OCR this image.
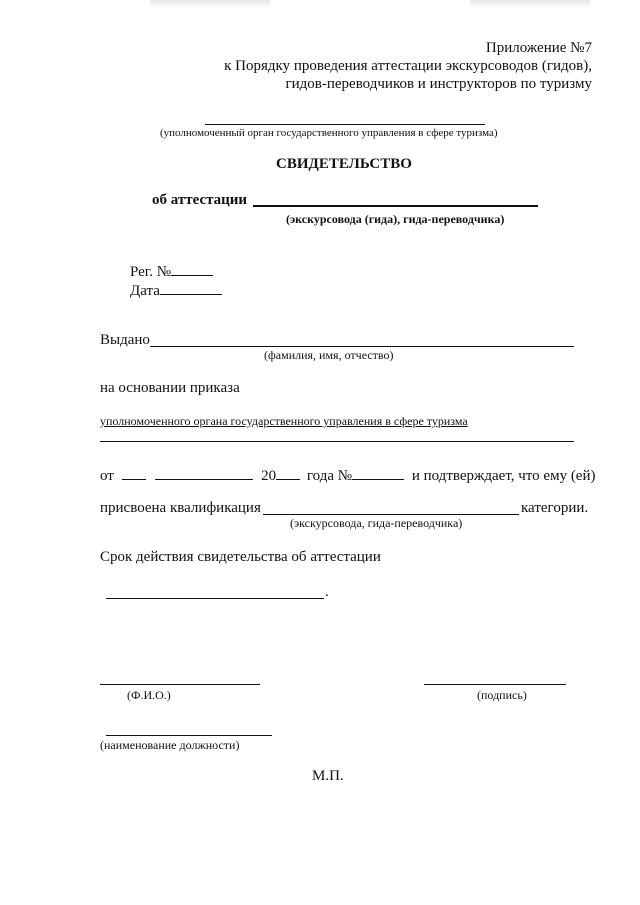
Приложение №7
к Порядку проведения аттестации экскурсоводов (гидов),
гидов-переводчиков и инструкторов по туризму
(уполномоченный орган государственного управления в сфере туризма)
СВИДЕТЕЛЬСТВО
об аттестации
(экскурсовода (гида), гида-переводчика)
Рег. №
Дата
Выдано
(фамилия, имя, отчество)
на основании приказа
уполномоченного органа государственного управления в сфере туризма
от	20 года №	и подтверждает, что ему (ей)
присвоена квалификация	категории.
(экскурсовода, гида-переводчика)
Срок действия свидетельства об аттестации
.
(Ф.И.О.)	(подпись)
(наименование должности)
М.П.
